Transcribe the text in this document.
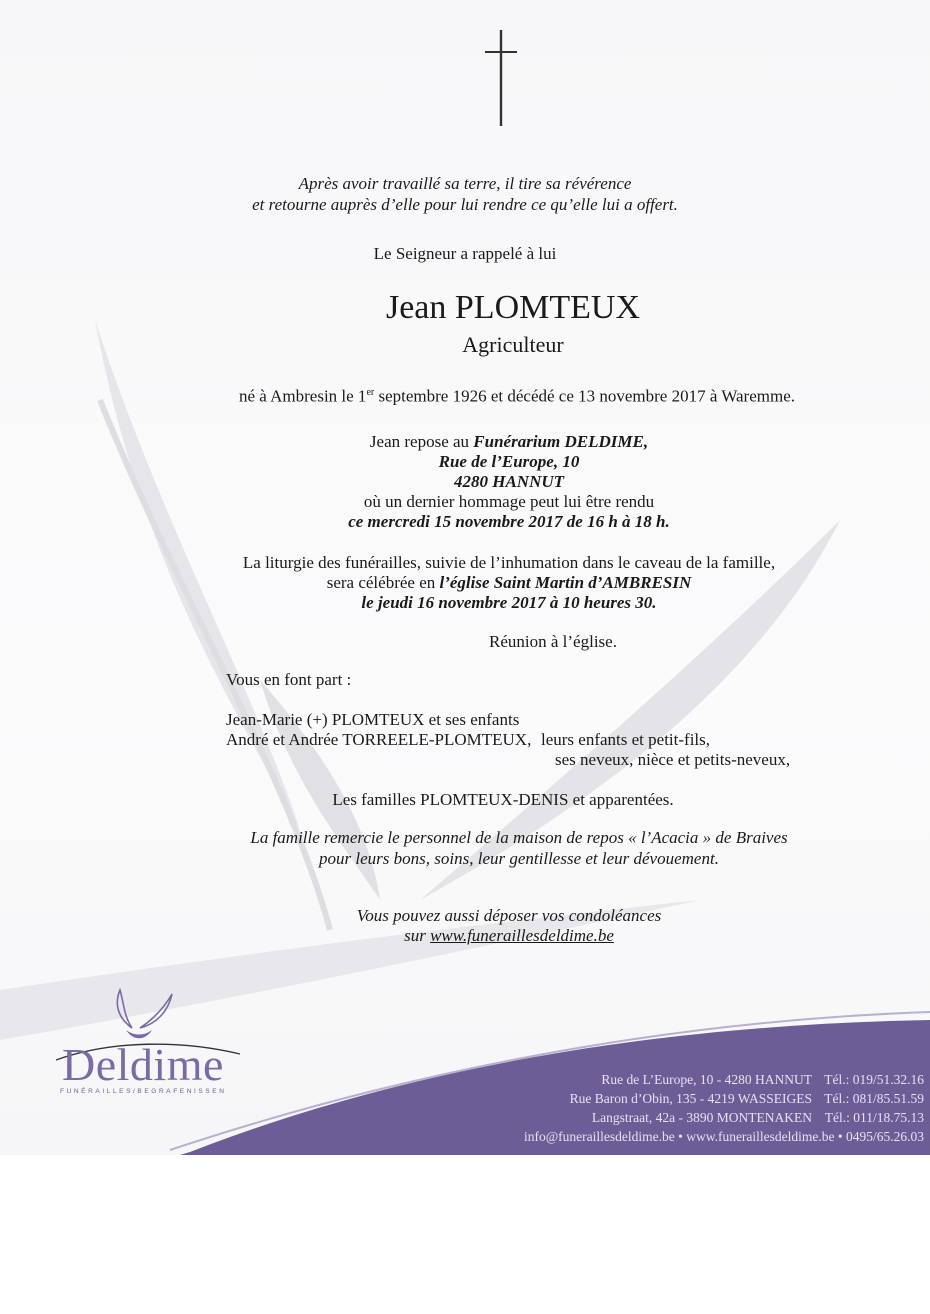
Après avoir travaillé sa terre, il tire sa révérence
et retourne auprès d’elle pour lui rendre ce qu’elle lui a offert.
Le Seigneur a rappelé à lui
Jean PLOMTEUX
Agriculteur
né à Ambresin le 1er septembre 1926 et décédé ce 13 novembre 2017 à Waremme.
Jean repose au Funérarium DELDIME,
Rue de l’Europe, 10
4280 HANNUT
où un dernier hommage peut lui être rendu
ce mercredi 15 novembre 2017 de 16 h à 18 h.
La liturgie des funérailles, suivie de l’inhumation dans le caveau de la famille,
sera célébrée en l’église Saint Martin d’AMBRESIN
le jeudi 16 novembre 2017 à 10 heures 30.
Réunion à l’église.
Vous en font part :
Jean-Marie (+) PLOMTEUX et ses enfants
André et Andrée TORREELE-PLOMTEUX, leurs enfants et petit-fils,
ses neveux, nièce et petits-neveux,
Les familles PLOMTEUX-DENIS et apparentées.
La famille remercie le personnel de la maison de repos « l’Acacia » de Braives
pour leurs bons, soins, leur gentillesse et leur dévouement.
Vous pouvez aussi déposer vos condoléances
sur www.funeraillesdeldime.be
Rue de L’Europe, 10 - 4280 HANNUT Tél.: 019/51.32.16
Rue Baron d’Obin, 135 - 4219 WASSEIGES Tél.: 081/85.51.59
Langstraat, 42a - 3890 MONTENAKEN Tél.: 011/18.75.13
info@funeraillesdeldime.be • www.funeraillesdeldime.be • 0495/65.26.03
Deldime
FUNÉRAILLES/BEGRAFENISSEN
